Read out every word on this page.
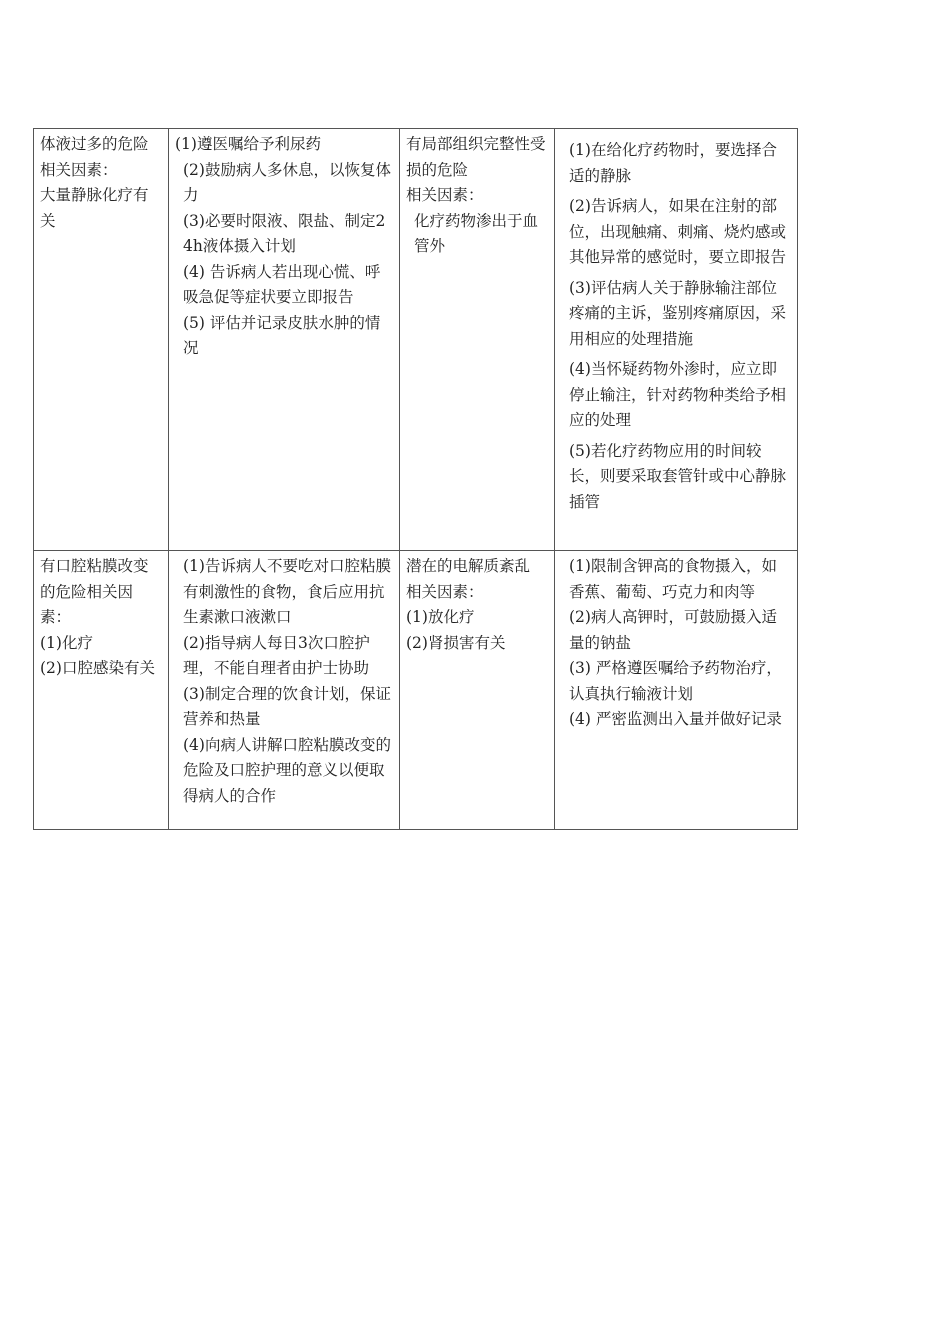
体液过多的危险相关因素：
大量静脉化疗有关	(1)遵医嘱给予利尿药
(2)鼓励病人多休息，以恢复体力
(3)必要时限液、限盐、制定24h液体摄入计划
(4) 告诉病人若出现心慌、呼吸急促等症状要立即报告
(5) 评估并记录皮肤水肿的情况	有局部组织完整性受损的危险
相关因素：
化疗药物渗出于血管外	(1)在给化疗药物时，要选择合适的静脉
(2)告诉病人，如果在注射的部位，出现触痛、刺痛、烧灼感或其他异常的感觉时，要立即报告
(3)评估病人关于静脉输注部位疼痛的主诉，鉴别疼痛原因，采用相应的处理措施
(4)当怀疑药物外渗时，应立即停止输注，针对药物种类给予相应的处理
(5)若化疗药物应用的时间较长，则要采取套管针或中心静脉插管

有口腔粘膜改变的危险相关因素：
(1)化疗
(2)口腔感染有关	(1)告诉病人不要吃对口腔粘膜有刺激性的食物，食后应用抗生素漱口液漱口
(2)指导病人每日3次口腔护理，不能自理者由护士协助
(3)制定合理的饮食计划，保证营养和热量
(4)向病人讲解口腔粘膜改变的危险及口腔护理的意义以便取得病人的合作	潜在的电解质紊乱
相关因素：
(1)放化疗
(2)肾损害有关	(1)限制含钾高的食物摄入，如香蕉、葡萄、巧克力和肉等
(2)病人高钾时，可鼓励摄入适量的钠盐
(3) 严格遵医嘱给予药物治疗，认真执行输液计划
(4) 严密监测出入量并做好记录
